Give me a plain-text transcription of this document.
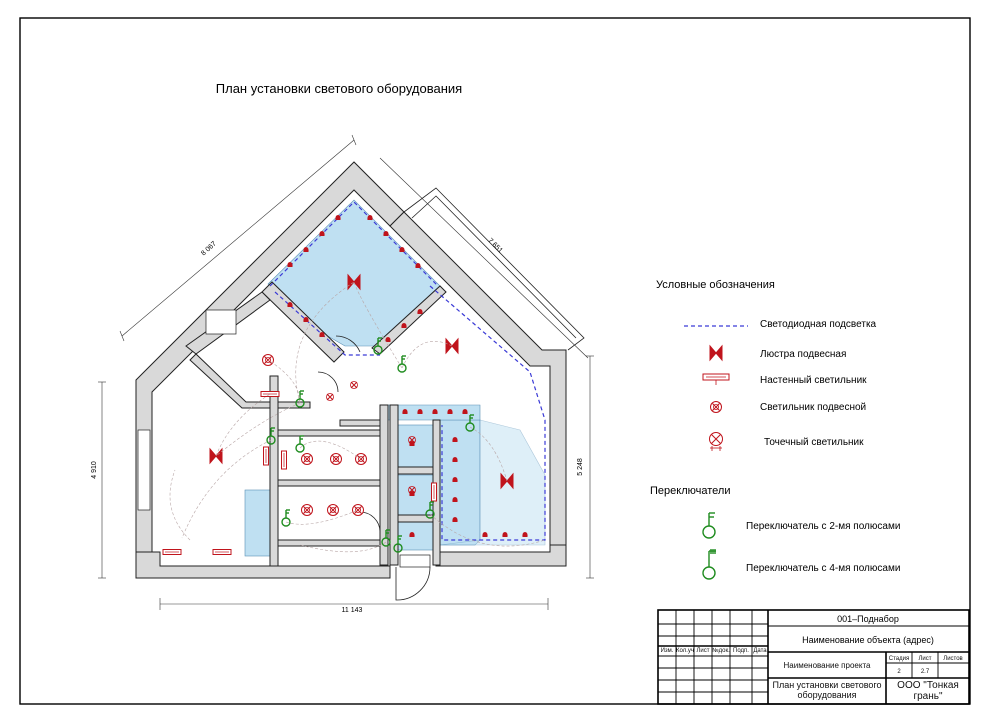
План установки светового оборудования
8 067	7 651
4 910	5 248
11 143
Условные обозначения
Светодиодная подсветка
Люстра подвесная
Настенный светильник
Светильник подвесной
Точечный светильник
Переключатели
Переключатель с 2-мя полюсами
Переключатель с 4-мя полюсами
001–Поднабор
Наименование объекта (адрес)
Наименование проекта
Изм. Кол.уч Лист №док. Подп. Дата
Стадия Лист Листов
2	2.7
План установки светового оборудования
ООО "Тонкая грань"
